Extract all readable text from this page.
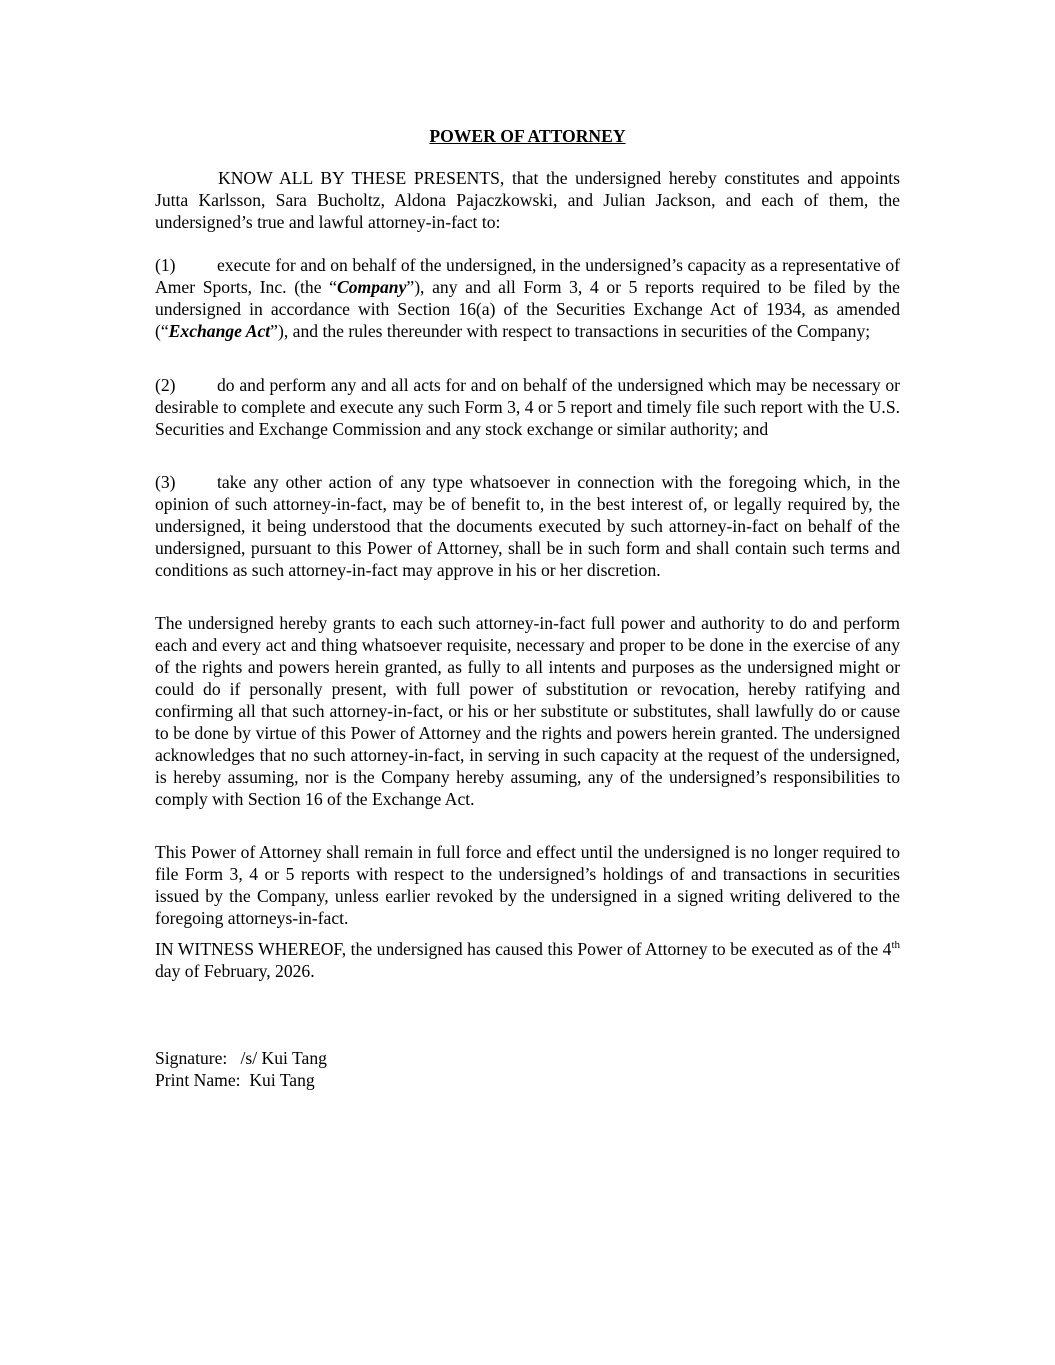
POWER OF ATTORNEY

KNOW ALL BY THESE PRESENTS, that the undersigned hereby constitutes and appoints Jutta Karlsson, Sara Bucholtz, Aldona Pajaczkowski, and Julian Jackson, and each of them, the undersigned’s true and lawful attorney-in-fact to:

(1) execute for and on behalf of the undersigned, in the undersigned’s capacity as a representative of Amer Sports, Inc. (the “Company”), any and all Form 3, 4 or 5 reports required to be filed by the undersigned in accordance with Section 16(a) of the Securities Exchange Act of 1934, as amended (“Exchange Act”), and the rules thereunder with respect to transactions in securities of the Company;

(2) do and perform any and all acts for and on behalf of the undersigned which may be necessary or desirable to complete and execute any such Form 3, 4 or 5 report and timely file such report with the U.S. Securities and Exchange Commission and any stock exchange or similar authority; and

(3) take any other action of any type whatsoever in connection with the foregoing which, in the opinion of such attorney-in-fact, may be of benefit to, in the best interest of, or legally required by, the undersigned, it being understood that the documents executed by such attorney-in-fact on behalf of the undersigned, pursuant to this Power of Attorney, shall be in such form and shall contain such terms and conditions as such attorney-in-fact may approve in his or her discretion.

The undersigned hereby grants to each such attorney-in-fact full power and authority to do and perform each and every act and thing whatsoever requisite, necessary and proper to be done in the exercise of any of the rights and powers herein granted, as fully to all intents and purposes as the undersigned might or could do if personally present, with full power of substitution or revocation, hereby ratifying and confirming all that such attorney-in-fact, or his or her substitute or substitutes, shall lawfully do or cause to be done by virtue of this Power of Attorney and the rights and powers herein granted. The undersigned acknowledges that no such attorney-in-fact, in serving in such capacity at the request of the undersigned, is hereby assuming, nor is the Company hereby assuming, any of the undersigned’s responsibilities to comply with Section 16 of the Exchange Act.

This Power of Attorney shall remain in full force and effect until the undersigned is no longer required to file Form 3, 4 or 5 reports with respect to the undersigned’s holdings of and transactions in securities issued by the Company, unless earlier revoked by the undersigned in a signed writing delivered to the foregoing attorneys-in-fact.

IN WITNESS WHEREOF, the undersigned has caused this Power of Attorney to be executed as of the 4th day of February, 2026.

Signature: /s/ Kui Tang
Print Name: Kui Tang
